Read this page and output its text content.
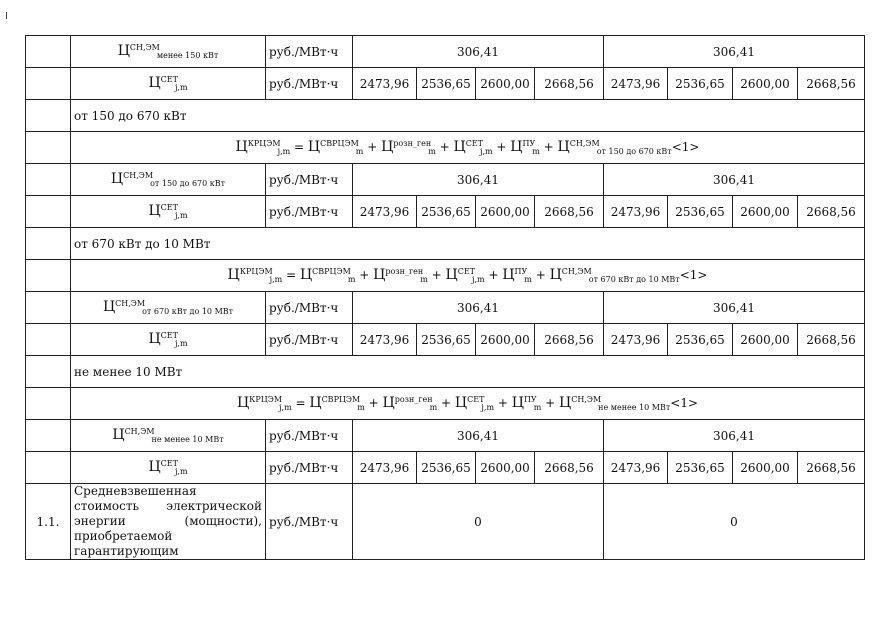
	$Ц^{СН,ЭМ}_{менее 150 кВт}$	руб./МВт·ч	306,41				306,41			
	$Ц^{СЕТ}_{j,m}$	руб./МВт·ч	2473,96	2536,65	2600,00	2668,56	2473,96	2536,65	2600,00	2668,56
	от 150 до 670 кВт									
	$Ц^{КРЦЭМ}_{j,m} = Ц^{СВРЦЭМ}_m + Ц^{розн\_ген}_m + Ц^{СЕТ}_{j,m} + Ц^{ПУ}_m + Ц^{СН,ЭМ}_{от 150 до 670 кВт}<1>$									
	$Ц^{СН,ЭМ}_{от 150 до 670 кВт}$	руб./МВт·ч	306,41				306,41			
	$Ц^{СЕТ}_{j,m}$	руб./МВт·ч	2473,96	2536,65	2600,00	2668,56	2473,96	2536,65	2600,00	2668,56
	от 670 кВт до 10 МВт									
	$Ц^{КРЦЭМ}_{j,m} = Ц^{СВРЦЭМ}_m + Ц^{розн\_ген}_m + Ц^{СЕТ}_{j,m} + Ц^{ПУ}_m + Ц^{СН,ЭМ}_{от 670 кВт до 10 МВт}<1>$									
	$Ц^{СН,ЭМ}_{от 670 кВт до 10 МВт}$	руб./МВт·ч	306,41				306,41			
	$Ц^{СЕТ}_{j,m}$	руб./МВт·ч	2473,96	2536,65	2600,00	2668,56	2473,96	2536,65	2600,00	2668,56
	не менее 10 МВт									
	$Ц^{КРЦЭМ}_{j,m} = Ц^{СВРЦЭМ}_m + Ц^{розн\_ген}_m + Ц^{СЕТ}_{j,m} + Ц^{ПУ}_m + Ц^{СН,ЭМ}_{не менее 10 МВт}<1>$									
	$Ц^{СН,ЭМ}_{не менее 10 МВт}$	руб./МВт·ч	306,41				306,41			
	$Ц^{СЕТ}_{j,m}$	руб./МВт·ч	2473,96	2536,65	2600,00	2668,56	2473,96	2536,65	2600,00	2668,56
1.1.	Средневзвешенная стоимость электрической энергии (мощности), приобретаемой гарантирующим	руб./МВт·ч	0				0			
